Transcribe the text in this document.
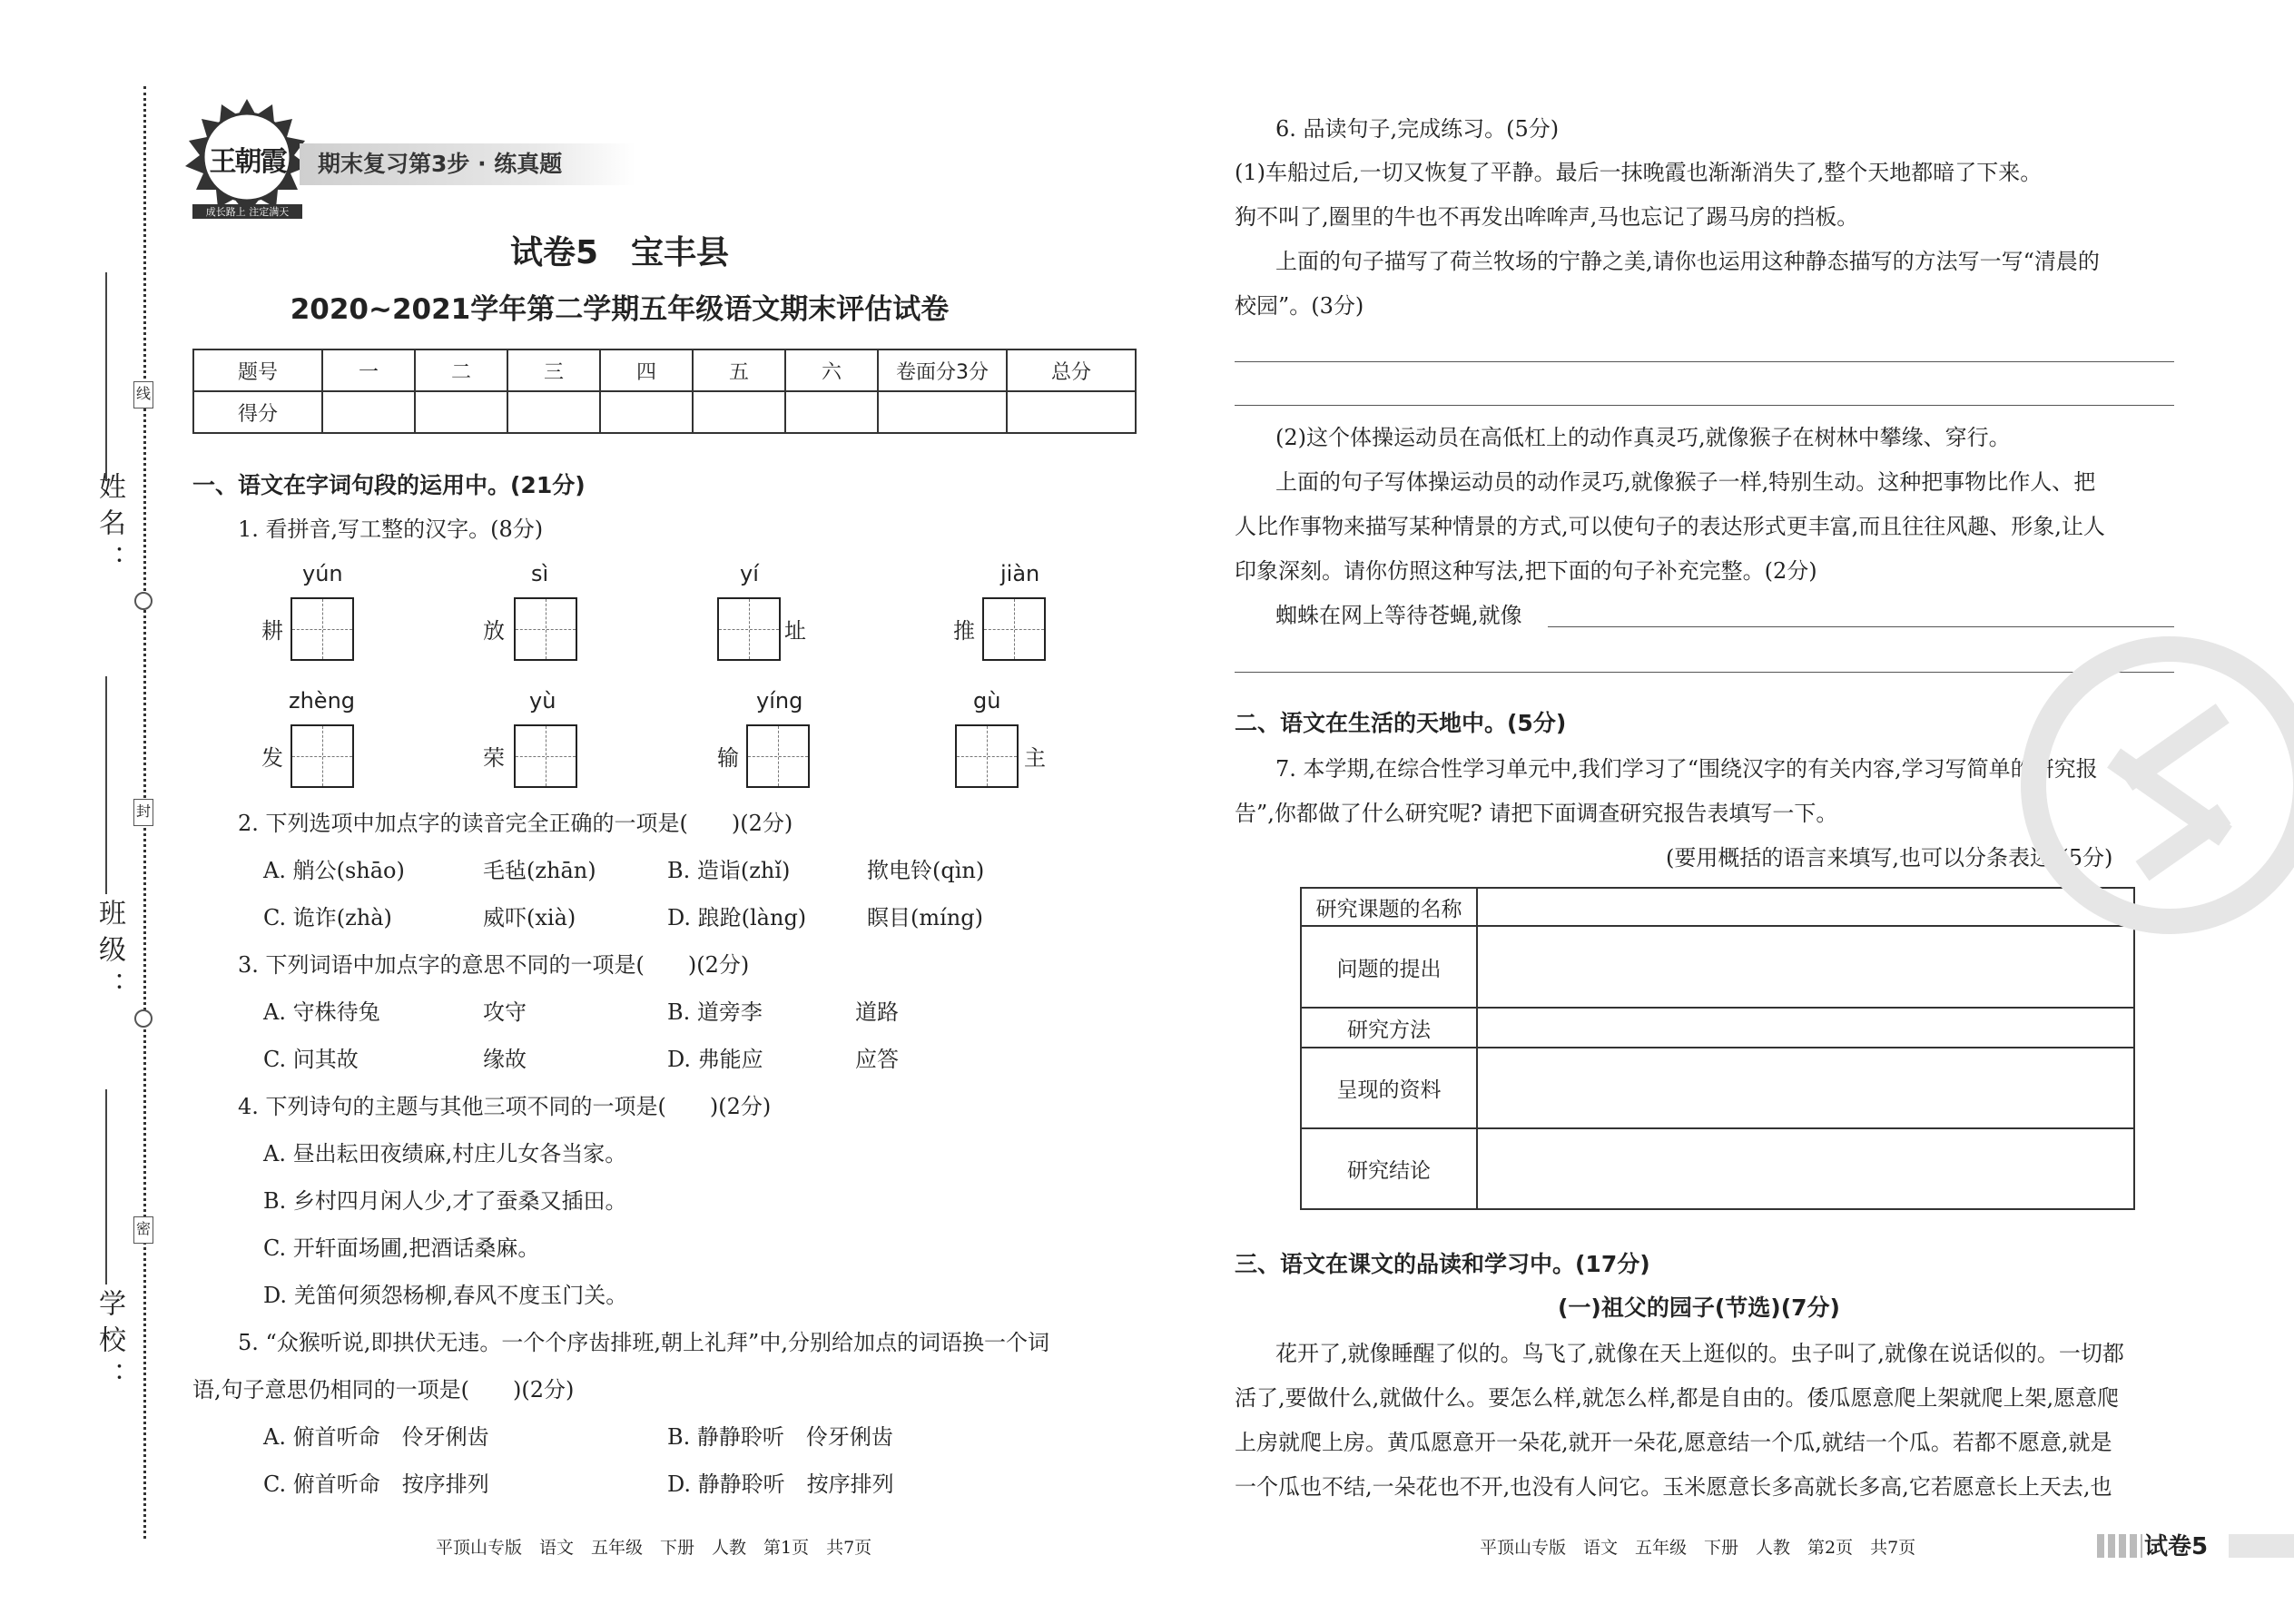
姓名：
班级：
学校：
线
封
密
王朝霞
成长路上 注定满天
期末复习第3步 · 练真题
试卷5　宝丰县
2020~2021学年第二学期五年级语文期末评估试卷
题号	一	二	三	四	五	六	卷面分3分	总分
得分								
一、语文在字词句段的运用中。(21分)
1. 看拼音,写工整的汉字。(8分)
yún
耕
sì
放
yí
址
jiàn
推
zhèng
发
yù
荣
yíng
输
gù
主
2. 下列选项中加点字的读音完全正确的一项是(　　)(2分)
A. 艄公(shāo)	毛毡(zhān)	B. 造诣(zhǐ)	揿电铃(qìn)
C. 诡诈(zhà)	威吓(xià)	D. 踉跄(làng)	瞑目(míng)
3. 下列词语中加点字的意思不同的一项是(　　)(2分)
A. 守株待兔	攻守	B. 道旁李	道路
C. 问其故	缘故	D. 弗能应	应答
4. 下列诗句的主题与其他三项不同的一项是(　　)(2分)
A. 昼出耘田夜绩麻,村庄儿女各当家。
B. 乡村四月闲人少,才了蚕桑又插田。
C. 开轩面场圃,把酒话桑麻。
D. 羌笛何须怨杨柳,春风不度玉门关。
5. “众猴听说,即拱伏无违。一个个序齿排班,朝上礼拜”中,分别给加点的词语换一个词
语,句子意思仍相同的一项是(　　)(2分)
A. 俯首听命　伶牙俐齿	B. 静静聆听　伶牙俐齿
C. 俯首听命　按序排列	D. 静静聆听　按序排列
平顶山专版　语文　五年级　下册　人教　第1页　共7页
6. 品读句子,完成练习。(5分)
(1)车船过后,一切又恢复了平静。最后一抹晚霞也渐渐消失了,整个天地都暗了下来。
狗不叫了,圈里的牛也不再发出哞哞声,马也忘记了踢马房的挡板。
上面的句子描写了荷兰牧场的宁静之美,请你也运用这种静态描写的方法写一写“清晨的
校园”。(3分)
(2)这个体操运动员在高低杠上的动作真灵巧,就像猴子在树林中攀缘、穿行。
上面的句子写体操运动员的动作灵巧,就像猴子一样,特别生动。这种把事物比作人、把
人比作事物来描写某种情景的方式,可以使句子的表达形式更丰富,而且往往风趣、形象,让人
印象深刻。请你仿照这种写法,把下面的句子补充完整。(2分)
蜘蛛在网上等待苍蝇,就像
二、语文在生活的天地中。(5分)
7. 本学期,在综合性学习单元中,我们学习了“围绕汉字的有关内容,学习写简单的研究报
告”,你都做了什么研究呢? 请把下面调查研究报告表填写一下。
(要用概括的语言来填写,也可以分条表述)(5分)
研究课题的名称	
问题的提出	
研究方法	
呈现的资料	
研究结论	
三、语文在课文的品读和学习中。(17分)
(一)祖父的园子(节选)(7分)
花开了,就像睡醒了似的。鸟飞了,就像在天上逛似的。虫子叫了,就像在说话似的。一切都
活了,要做什么,就做什么。要怎么样,就怎么样,都是自由的。倭瓜愿意爬上架就爬上架,愿意爬
上房就爬上房。黄瓜愿意开一朵花,就开一朵花,愿意结一个瓜,就结一个瓜。若都不愿意,就是
一个瓜也不结,一朵花也不开,也没有人问它。玉米愿意长多高就长多高,它若愿意长上天去,也
平顶山专版　语文　五年级　下册　人教　第2页　共7页	试卷5
